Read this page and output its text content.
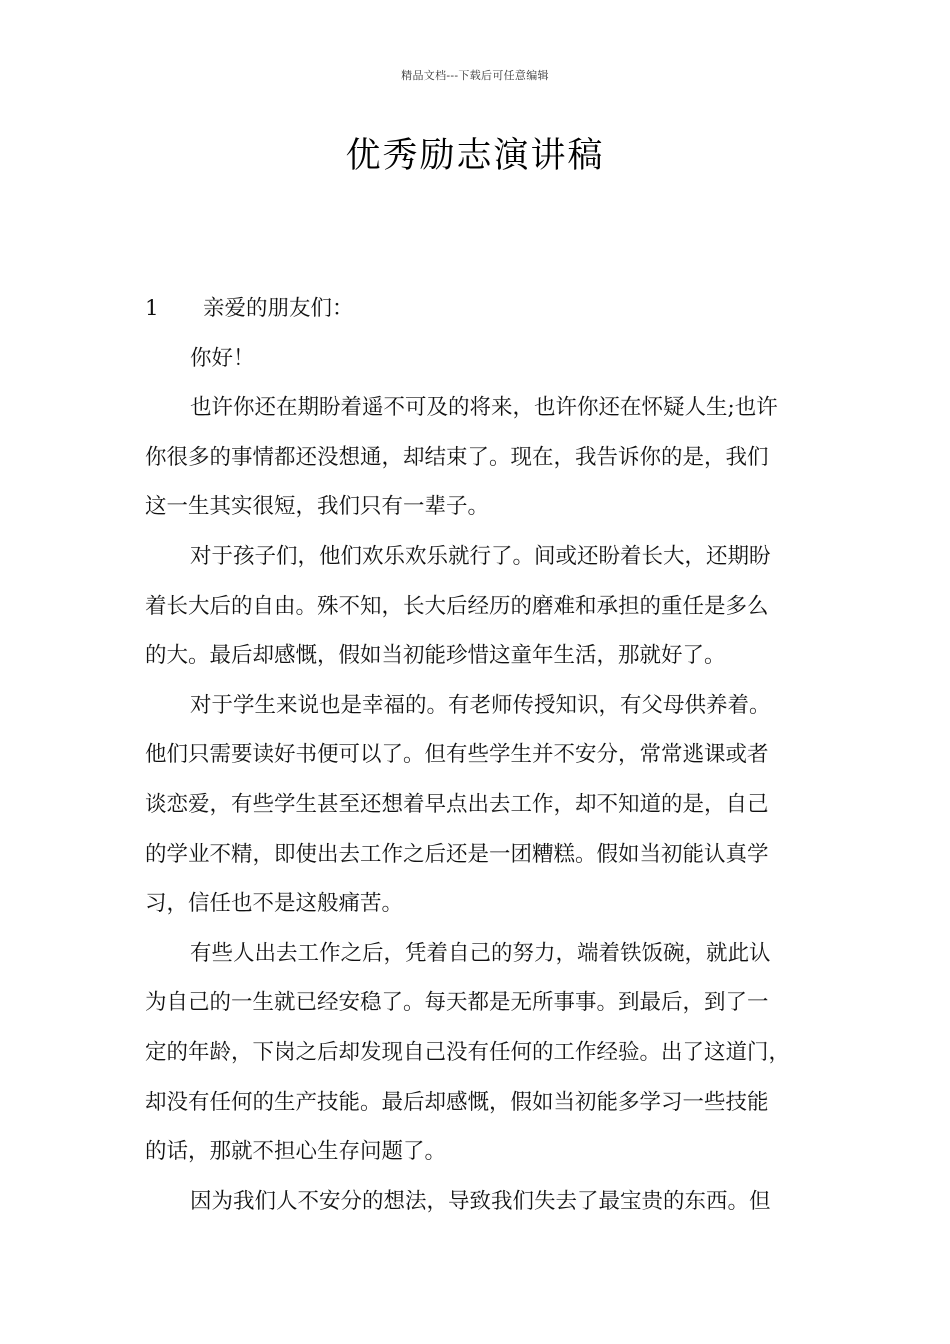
精品文档---下载后可任意编辑
优秀励志演讲稿
1 亲爱的朋友们：
你好！
也许你还在期盼着遥不可及的将来，也许你还在怀疑人生;也许
你很多的事情都还没想通，却结束了。现在，我告诉你的是，我们
这一生其实很短，我们只有一辈子。
对于孩子们，他们欢乐欢乐就行了。间或还盼着长大，还期盼
着长大后的自由。殊不知，长大后经历的磨难和承担的重任是多么
的大。最后却感慨，假如当初能珍惜这童年生活，那就好了。
对于学生来说也是幸福的。有老师传授知识，有父母供养着。
他们只需要读好书便可以了。但有些学生并不安分，常常逃课或者
谈恋爱，有些学生甚至还想着早点出去工作，却不知道的是，自己
的学业不精，即使出去工作之后还是一团糟糕。假如当初能认真学
习，信任也不是这般痛苦。
有些人出去工作之后，凭着自己的努力，端着铁饭碗，就此认
为自己的一生就已经安稳了。每天都是无所事事。到最后，到了一
定的年龄，下岗之后却发现自己没有任何的工作经验。出了这道门，
却没有任何的生产技能。最后却感慨，假如当初能多学习一些技能
的话，那就不担心生存问题了。
因为我们人不安分的想法，导致我们失去了最宝贵的东西。但
